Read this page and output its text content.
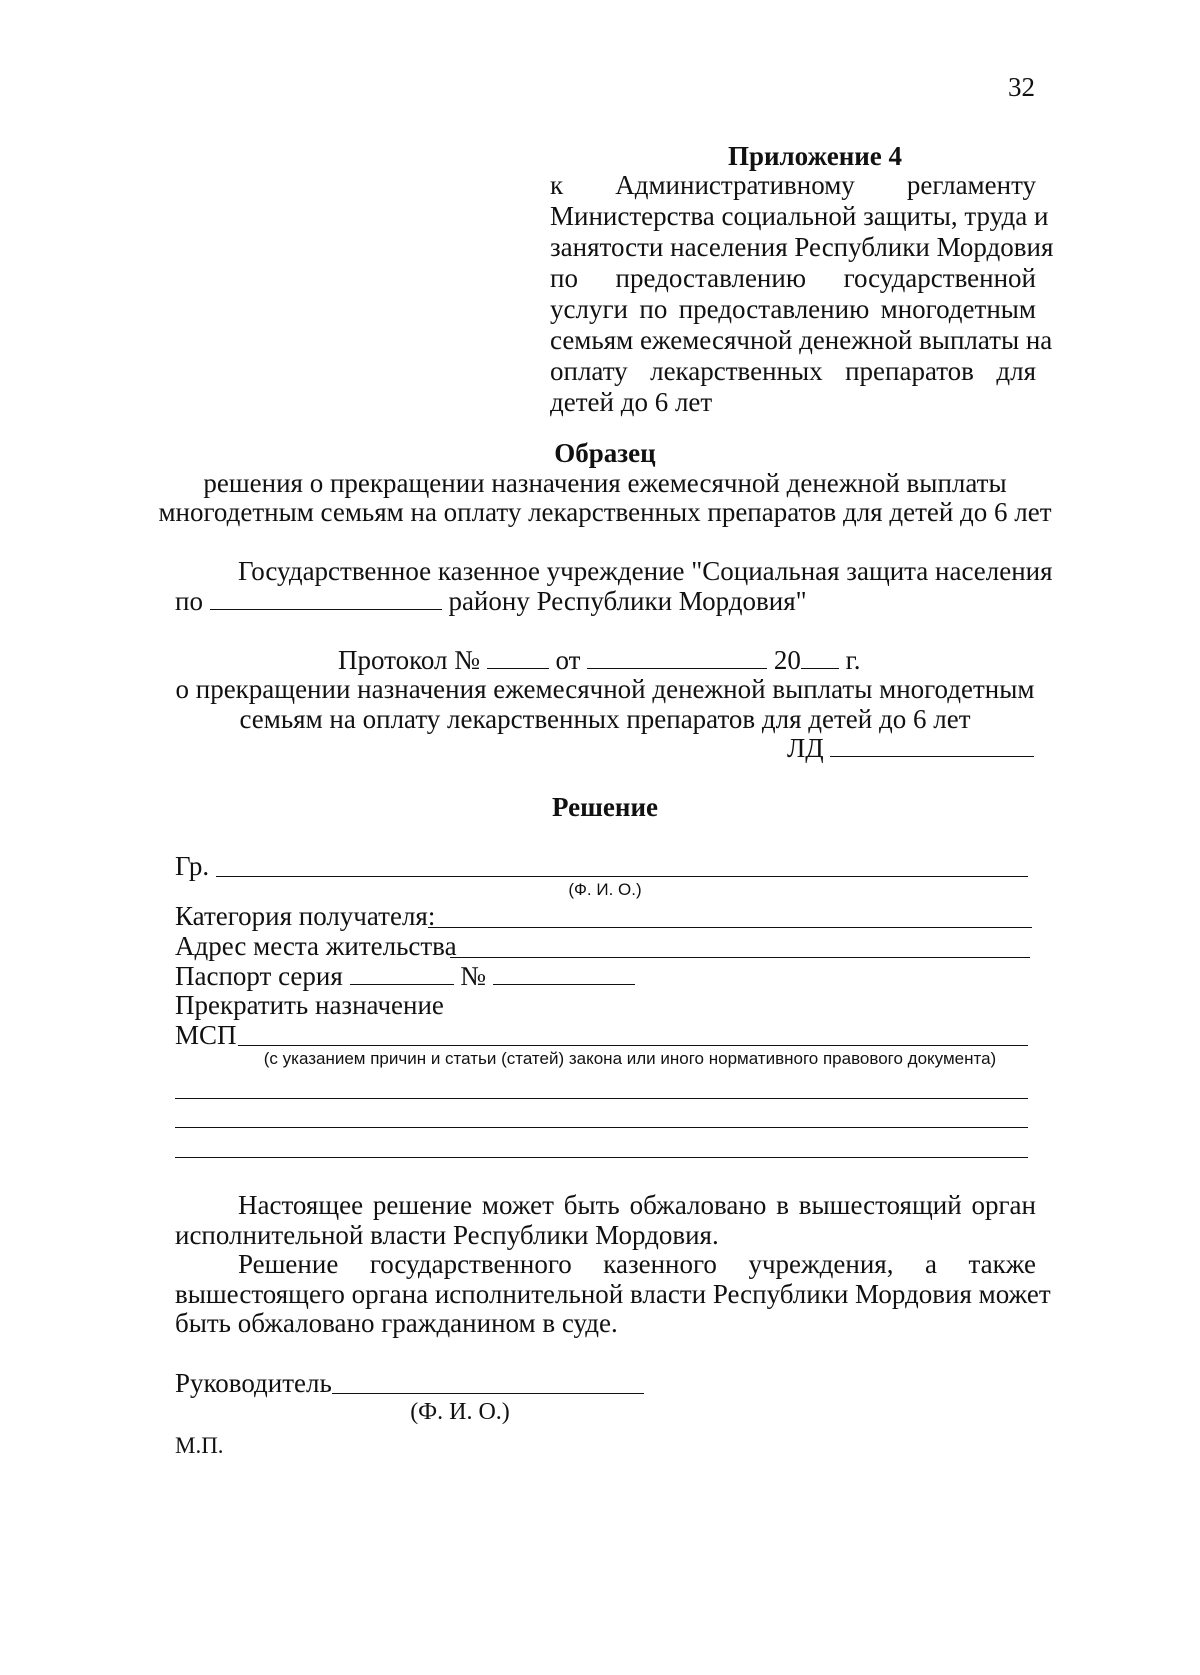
32
Приложение 4
к Административному регламенту
Министерства социальной защиты, труда и
занятости населения Республики Мордовия
по предоставлению государственной
услуги по предоставлению многодетным
семьям ежемесячной денежной выплаты на
оплату лекарственных препаратов для
детей до 6 лет
Образец
решения о прекращении назначения ежемесячной денежной выплаты
многодетным семьям на оплату лекарственных препаратов для детей до 6 лет
Государственное казенное учреждение "Социальная защита населения
по	району Республики Мордовия"
Протокол №	от	20 г.
о прекращении назначения ежемесячной денежной выплаты многодетным
семьям на оплату лекарственных препаратов для детей до 6 лет
ЛД
Решение
Гр.
(Ф. И. О.)
Категория получателя:
Адрес места жительства
Паспорт серия	№
Прекратить назначение
МСП
(с указанием причин и статьи (статей) закона или иного нормативного правового документа)
Настоящее решение может быть обжаловано в вышестоящий орган
исполнительной власти Республики Мордовия.
Решение государственного казенного учреждения, а также
вышестоящего органа исполнительной власти Республики Мордовия может
быть обжаловано гражданином в суде.
Руководитель
(Ф. И. О.)
М.П.
